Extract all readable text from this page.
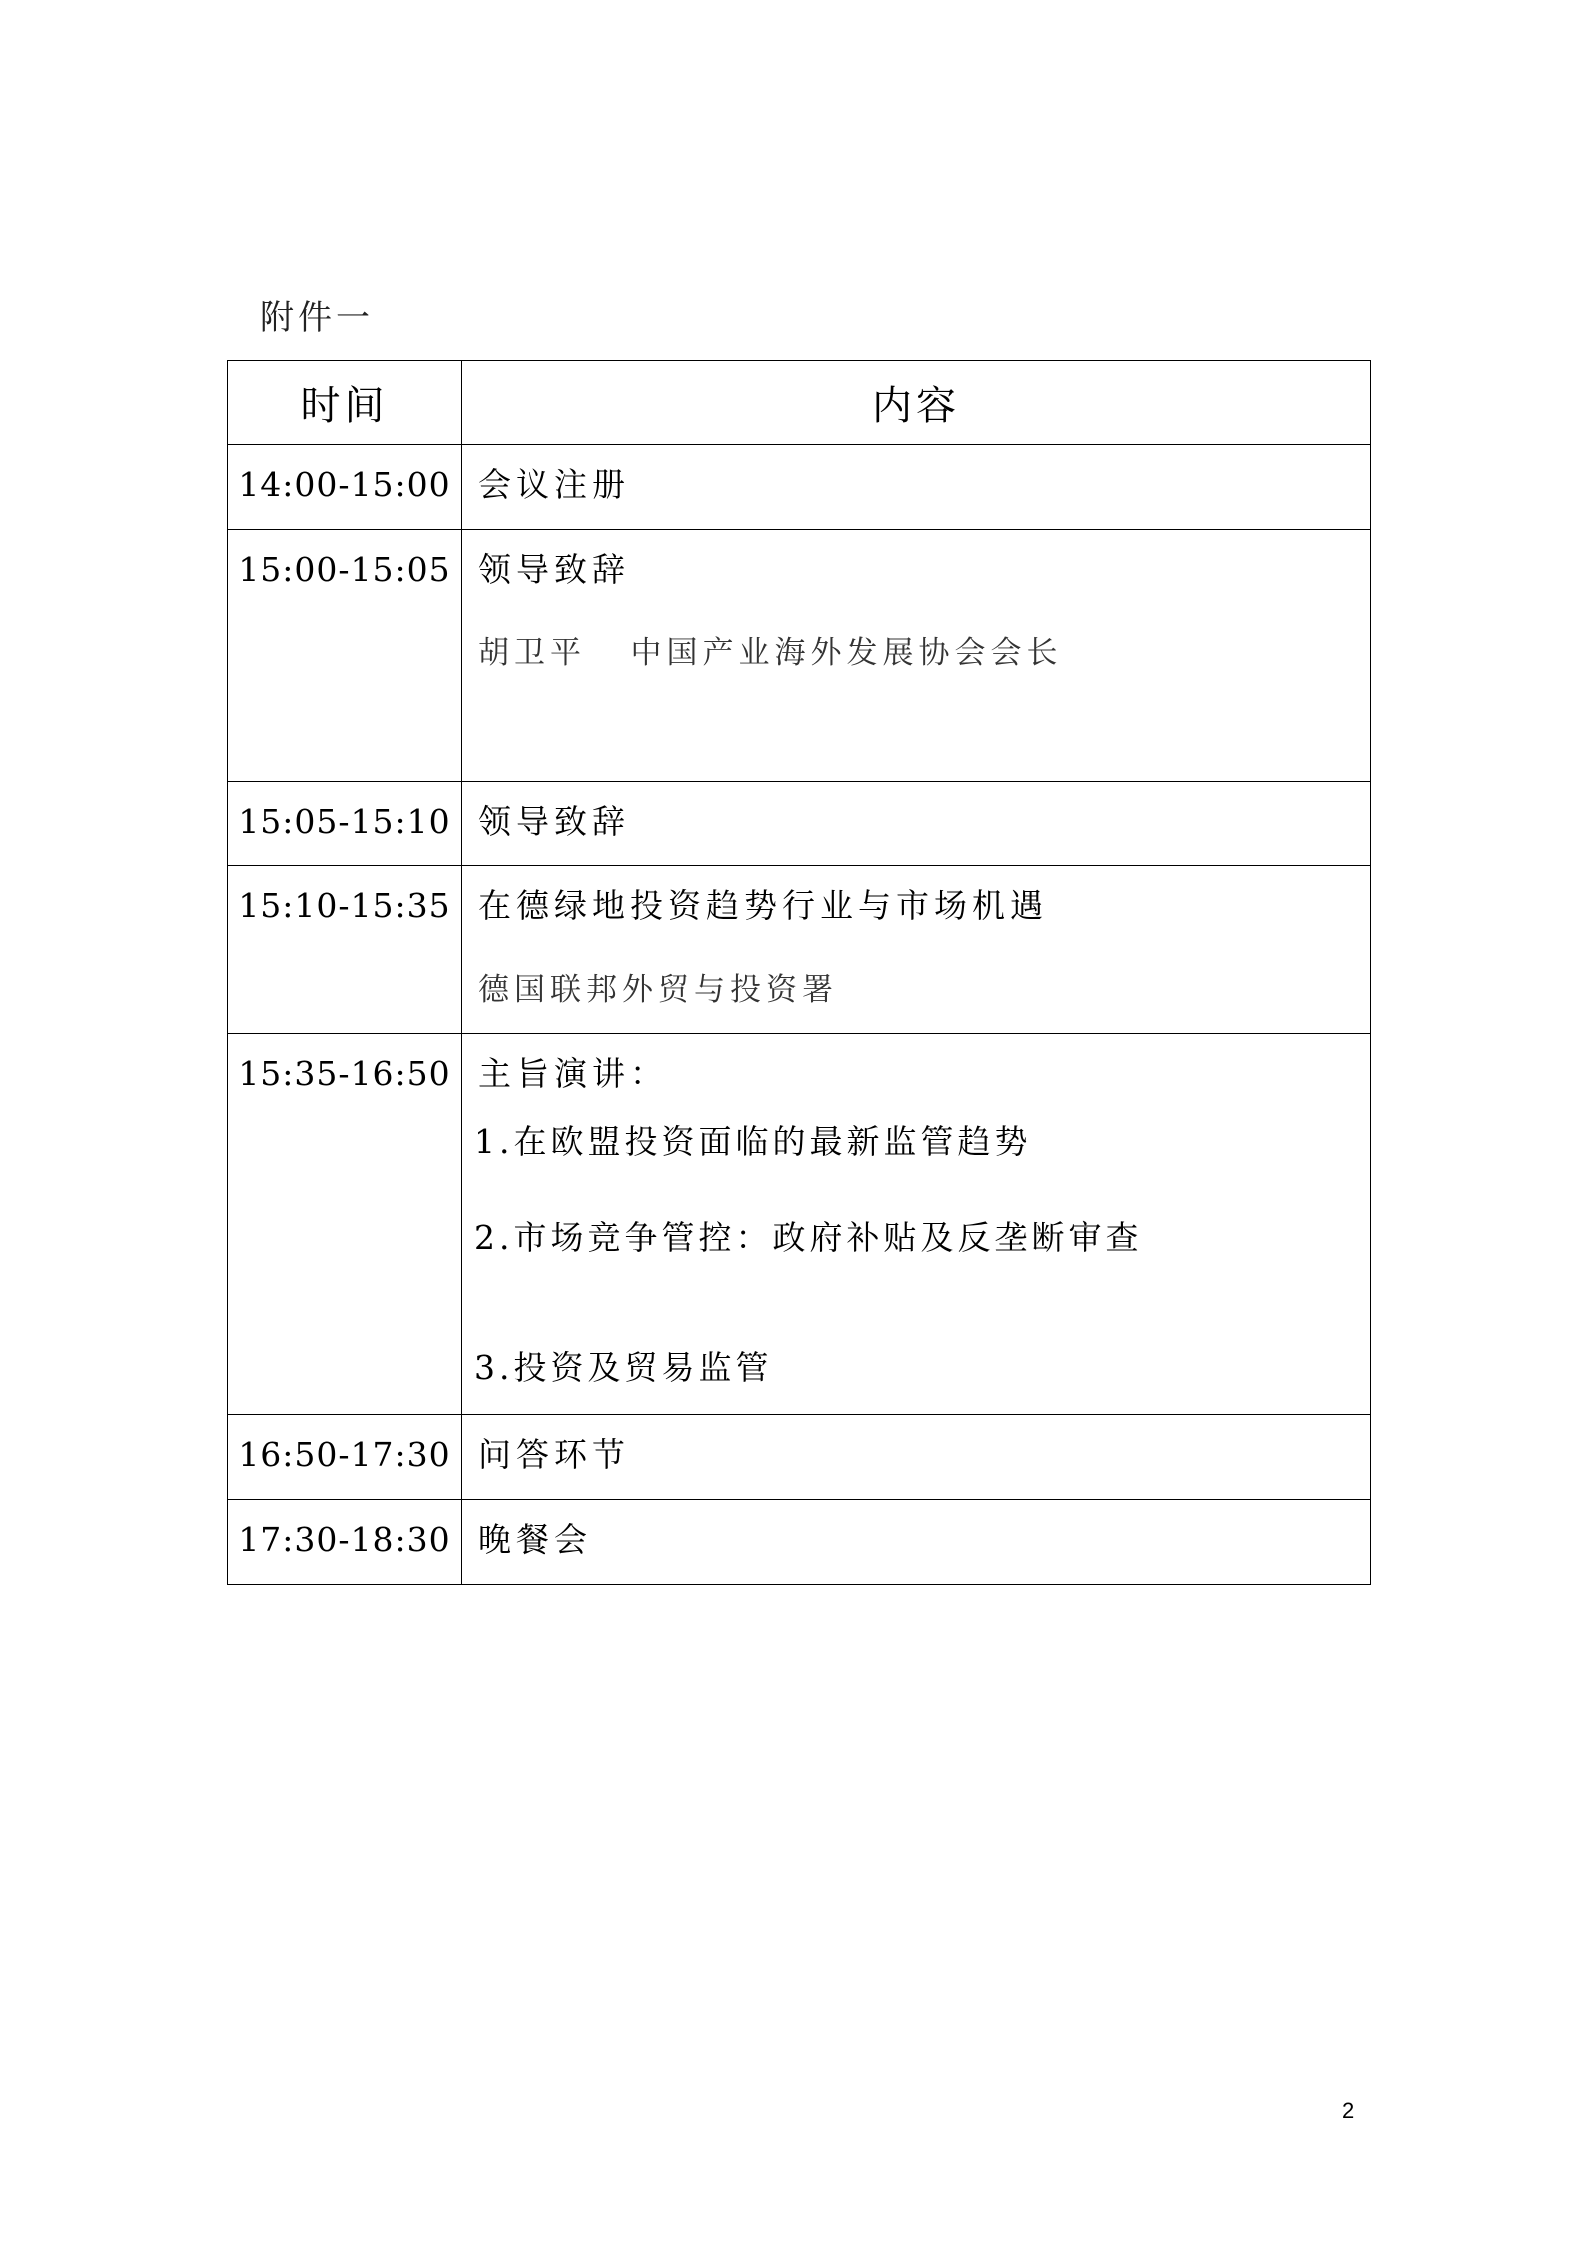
附件一
时间	内容
14:00-15:00	会议注册

15:00-15:05	领导致辞
胡卫平   中国产业海外发展协会会长

15:05-15:10	领导致辞

15:10-15:35	在德绿地投资趋势行业与市场机遇
德国联邦外贸与投资署

15:35-16:50	主旨演讲：
1.在欧盟投资面临的最新监管趋势
2.市场竞争管控：政府补贴及反垄断审查
3.投资及贸易监管

16:50-17:30	问答环节

17:30-18:30	晚餐会
2
